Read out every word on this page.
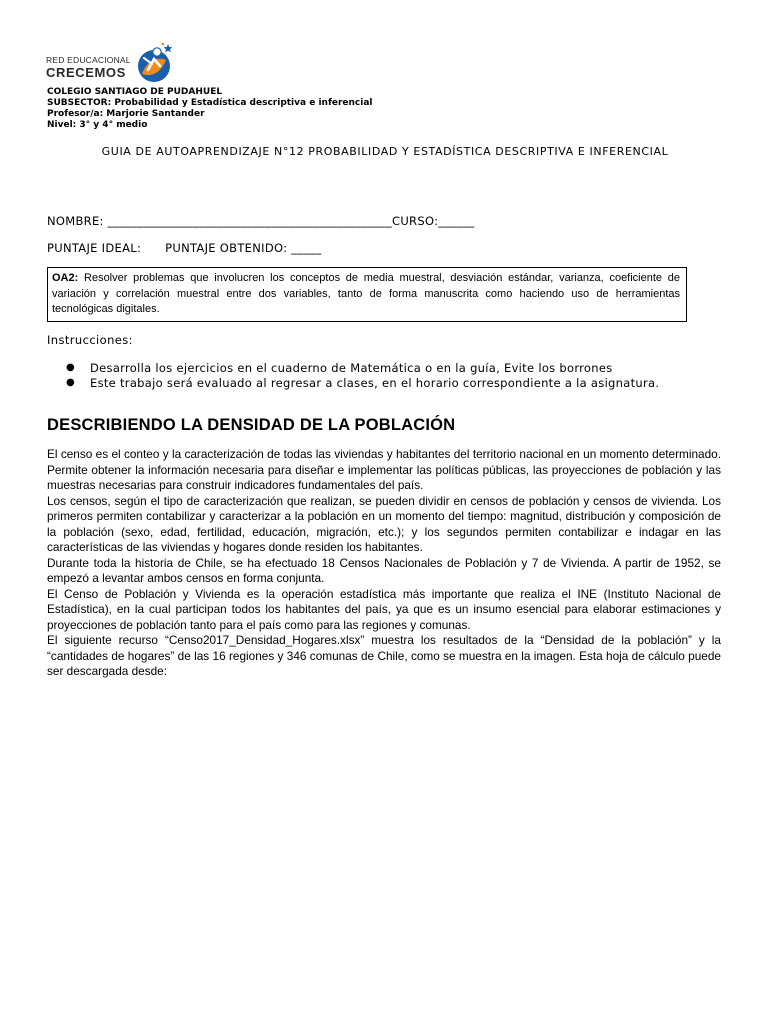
RED EDUCACIONAL
CRECEMOS
COLEGIO SANTIAGO DE PUDAHUEL
SUBSECTOR: Probabilidad y Estadística descriptiva e inferencial
Profesor/a: Marjorie Santander
Nivel: 3° y 4° medio
GUIA DE AUTOAPRENDIZAJE N°12 PROBABILIDAD Y ESTADÍSTICA DESCRIPTIVA E INFERENCIAL
NOMBRE: _______________________________________________CURSO:______
PUNTAJE IDEAL: PUNTAJE OBTENIDO: _____
OA2: Resolver problemas que involucren los conceptos de media muestral, desviación estándar, varianza, coeficiente de variación y correlación muestral entre dos variables, tanto de forma manuscrita como haciendo uso de herramientas tecnológicas digitales.
Instrucciones:
● Desarrolla los ejercicios en el cuaderno de Matemática o en la guía, Evite los borrones
● Este trabajo será evaluado al regresar a clases, en el horario correspondiente a la asignatura.
DESCRIBIENDO LA DENSIDAD DE LA POBLACIÓN

El censo es el conteo y la caracterización de todas las viviendas y habitantes del territorio nacional en un momento determinado. Permite obtener la información necesaria para diseñar e implementar las políticas públicas, las proyecciones de población y las muestras necesarias para construir indicadores fundamentales del país.

Los censos, según el tipo de caracterización que realizan, se pueden dividir en censos de población y censos de vivienda. Los primeros permiten contabilizar y caracterizar a la población en un momento del tiempo: magnitud, distribución y composición de la población (sexo, edad, fertilidad, educación, migración, etc.); y los segundos permiten contabilizar e indagar en las características de las viviendas y hogares donde residen los habitantes.

Durante toda la historia de Chile, se ha efectuado 18 Censos Nacionales de Población y 7 de Vivienda. A partir de 1952, se empezó a levantar ambos censos en forma conjunta.

El Censo de Población y Vivienda es la operación estadística más importante que realiza el INE (Instituto Nacional de Estadística), en la cual participan todos los habitantes del país, ya que es un insumo esencial para elaborar estimaciones y proyecciones de población tanto para el país como para las regiones y comunas.

El siguiente recurso “Censo2017_Densidad_Hogares.xlsx” muestra los resultados de la “Densidad de la población” y la “cantidades de hogares” de las 16 regiones y 346 comunas de Chile, como se muestra en la imagen. Esta hoja de cálculo puede ser descargada desde:
